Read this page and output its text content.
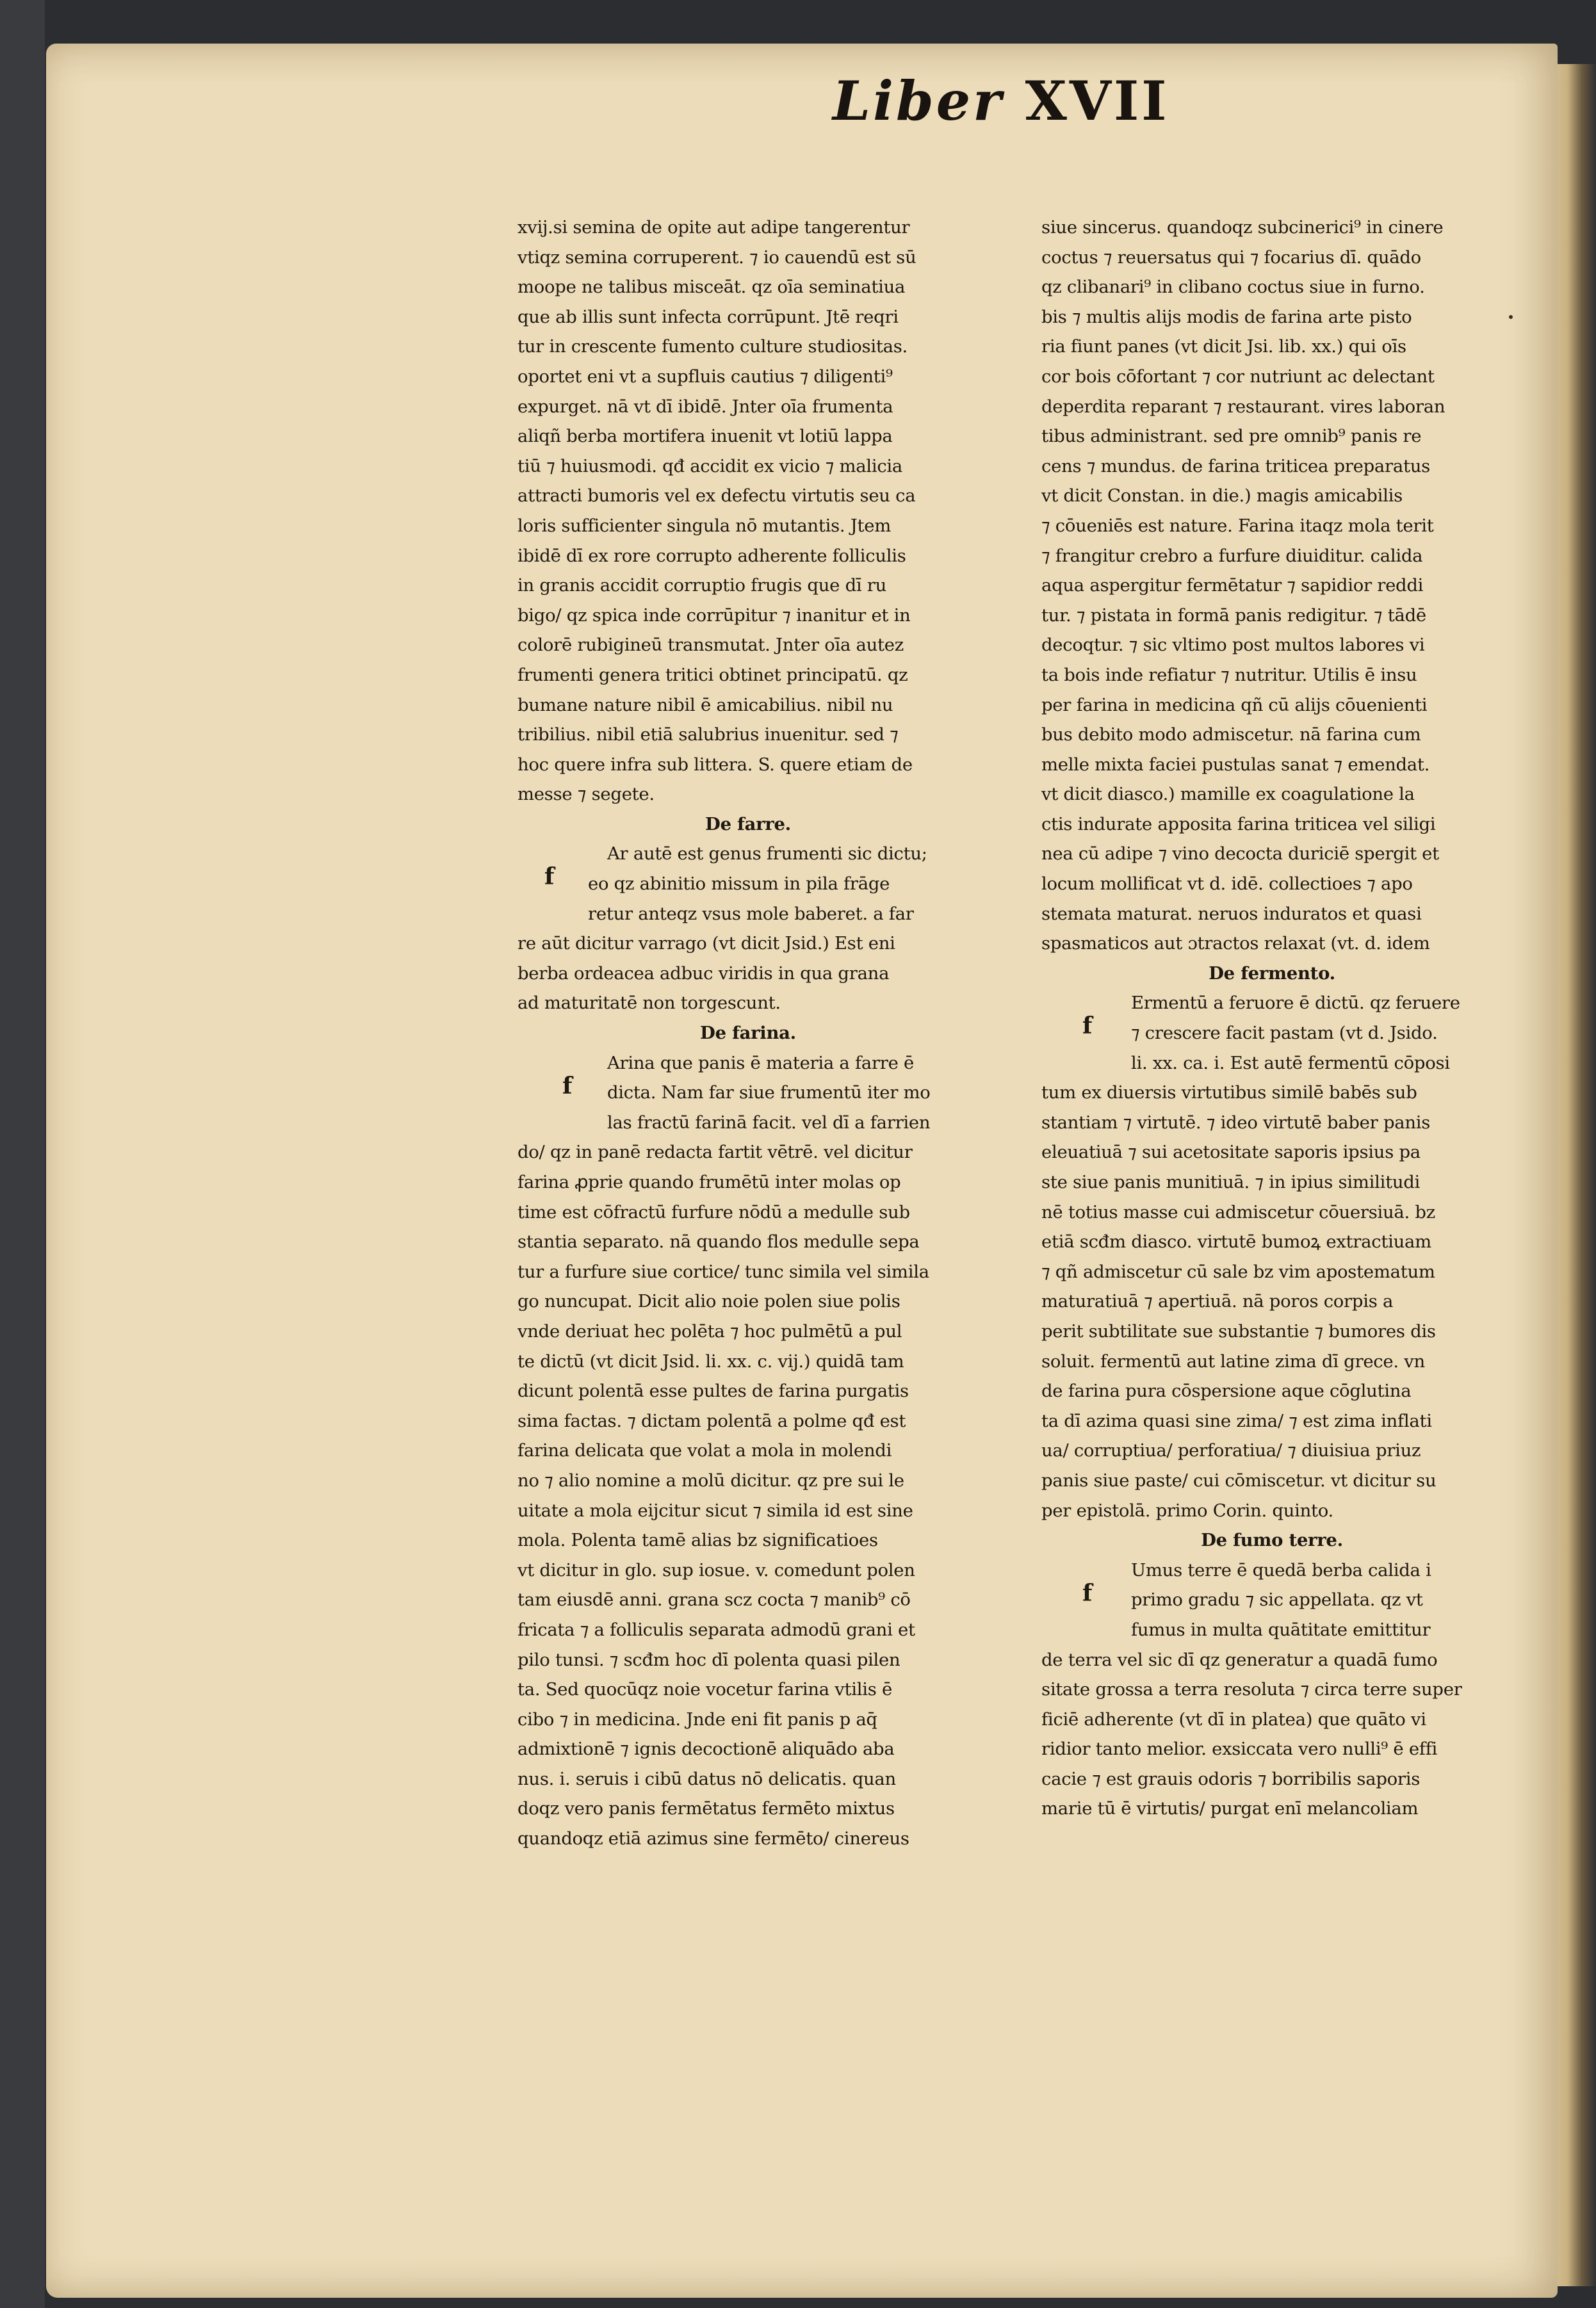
Liber XVII
xvij.si semina de opite aut adipe tangerentur
vtiqz semina corruperent. ⁊ io cauendū est sū
moope ne talibus misceāt. qz oīa seminatiua
que ab illis sunt infecta corrūpunt. Jtē reqri
tur in crescente fumento culture studiositas.
oportet eni vt a supfluis cautius ⁊ diligenti⁹
expurget. nā vt dī ibidē. Jnter oīa frumenta
aliqñ berba mortifera inuenit vt lotiū lappa
tiū ⁊ huiusmodi. qđ accidit ex vicio ⁊ malicia
attracti bumoris vel ex defectu virtutis seu ca
loris sufficienter singula nō mutantis. Jtem
ibidē dī ex rore corrupto adherente folliculis
in granis accidit corruptio frugis que dī ru
bigo/ qz spica inde corrūpitur ⁊ inanitur et in
colorē rubigineū transmutat. Jnter oīa autez
frumenti genera tritici obtinet principatū. qz
bumane nature nibil ē amicabilius. nibil nu
tribilius. nibil etiā salubrius inuenitur. sed ⁊
hoc quere infra sub littera. S. quere etiam de
messe ⁊ segete.
De farre.
f
Ar autē est genus frumenti sic dictu;
eo qz abinitio missum in pila frāge
retur anteqz vsus mole baberet. a far
re aūt dicitur varrago (vt dicit Jsid.) Est eni
berba ordeacea adbuc viridis in qua grana
ad maturitatē non torgescunt.
De farina.
f
Arina que panis ē materia a farre ē
dicta. Nam far siue frumentū iter mo
las fractū farinā facit. vel dī a farrien
do/ qz in panē redacta fartit vētrē. vel dicitur
farina ꝓprie quando frumētū inter molas op
time est cōfractū furfure nōdū a medulle sub
stantia separato. nā quando flos medulle sepa
tur a furfure siue cortice/ tunc simila vel simila
go nuncupat. Dicit alio noie polen siue polis
vnde deriuat hec polēta ⁊ hoc pulmētū a pul
te dictū (vt dicit Jsid. li. xx. c. vij.) quidā tam
dicunt polentā esse pultes de farina purgatis
sima factas. ⁊ dictam polentā a polme qđ est
farina delicata que volat a mola in molendi
no ⁊ alio nomine a molū dicitur. qz pre sui le
uitate a mola eijcitur sicut ⁊ simila id est sine
mola. Polenta tamē alias bz significatioes
vt dicitur in glo. sup iosue. v. comedunt polen
tam eiusdē anni. grana scz cocta ⁊ manib⁹ cō
fricata ⁊ a folliculis separata admodū grani et
pilo tunsi. ⁊ scđm hoc dī polenta quasi pilen
ta. Sed quocūqz noie vocetur farina vtilis ē
cibo ⁊ in medicina. Jnde eni fit panis p aq̄
admixtionē ⁊ ignis decoctionē aliquādo aba
nus. i. seruis i cibū datus nō delicatis. quan
doqz vero panis fermētatus fermēto mixtus
quandoqz etiā azimus sine fermēto/ cinereus
siue sincerus. quandoqz subcinerici⁹ in cinere
coctus ⁊ reuersatus qui ⁊ focarius dī. quādo
qz clibanari⁹ in clibano coctus siue in furno.
bis ⁊ multis alijs modis de farina arte pisto
ria fiunt panes (vt dicit Jsi. lib. xx.) qui oīs
cor bois cōfortant ⁊ cor nutriunt ac delectant
deperdita reparant ⁊ restaurant. vires laboran
tibus administrant. sed pre omnib⁹ panis re
cens ⁊ mundus. de farina triticea preparatus
vt dicit Constan. in die.) magis amicabilis
⁊ cōueniēs est nature. Farina itaqz mola terit
⁊ frangitur crebro a furfure diuiditur. calida
aqua aspergitur fermētatur ⁊ sapidior reddi
tur. ⁊ pistata in formā panis redigitur. ⁊ tādē
decoqtur. ⁊ sic vltimo post multos labores vi
ta bois inde refiatur ⁊ nutritur. Utilis ē insu
per farina in medicina qñ cū alijs cōuenienti
bus debito modo admiscetur. nā farina cum
melle mixta faciei pustulas sanat ⁊ emendat.
vt dicit diasco.) mamille ex coagulatione la
ctis indurate apposita farina triticea vel siligi
nea cū adipe ⁊ vino decocta duriciē spergit et
locum mollificat vt d. idē. collectioes ⁊ apo
stemata maturat. neruos induratos et quasi
spasmaticos aut ɔtractos relaxat (vt. d. idem
De fermento.
f
Ermentū a feruore ē dictū. qz feruere
⁊ crescere facit pastam (vt d. Jsido.
li. xx. ca. i. Est autē fermentū cōposi
tum ex diuersis virtutibus similē babēs sub
stantiam ⁊ virtutē. ⁊ ideo virtutē baber panis
eleuatiuā ⁊ sui acetositate saporis ipsius pa
ste siue panis munitiuā. ⁊ in ipius similitudi
nē totius masse cui admiscetur cōuersiuā. bz
etiā scđm diasco. virtutē bumoꝝ extractiuam
⁊ qñ admiscetur cū sale bz vim apostematum
maturatiuā ⁊ apertiuā. nā poros corpis a
perit subtilitate sue substantie ⁊ bumores dis
soluit. fermentū aut latine zima dī grece. vn
de farina pura cōspersione aque cōglutina
ta dī azima quasi sine zima/ ⁊ est zima inflati
ua/ corruptiua/ perforatiua/ ⁊ diuisiua priuz
panis siue paste/ cui cōmiscetur. vt dicitur su
per epistolā. primo Corin. quinto.
De fumo terre.
f
Umus terre ē quedā berba calida i
primo gradu ⁊ sic appellata. qz vt
fumus in multa quātitate emittitur
de terra vel sic dī qz generatur a quadā fumo
sitate grossa a terra resoluta ⁊ circa terre super
ficiē adherente (vt dī in platea) que quāto vi
ridior tanto melior. exsiccata vero nulli⁹ ē effi
cacie ⁊ est grauis odoris ⁊ borribilis saporis
marie tū ē virtutis/ purgat enī melancoliam
